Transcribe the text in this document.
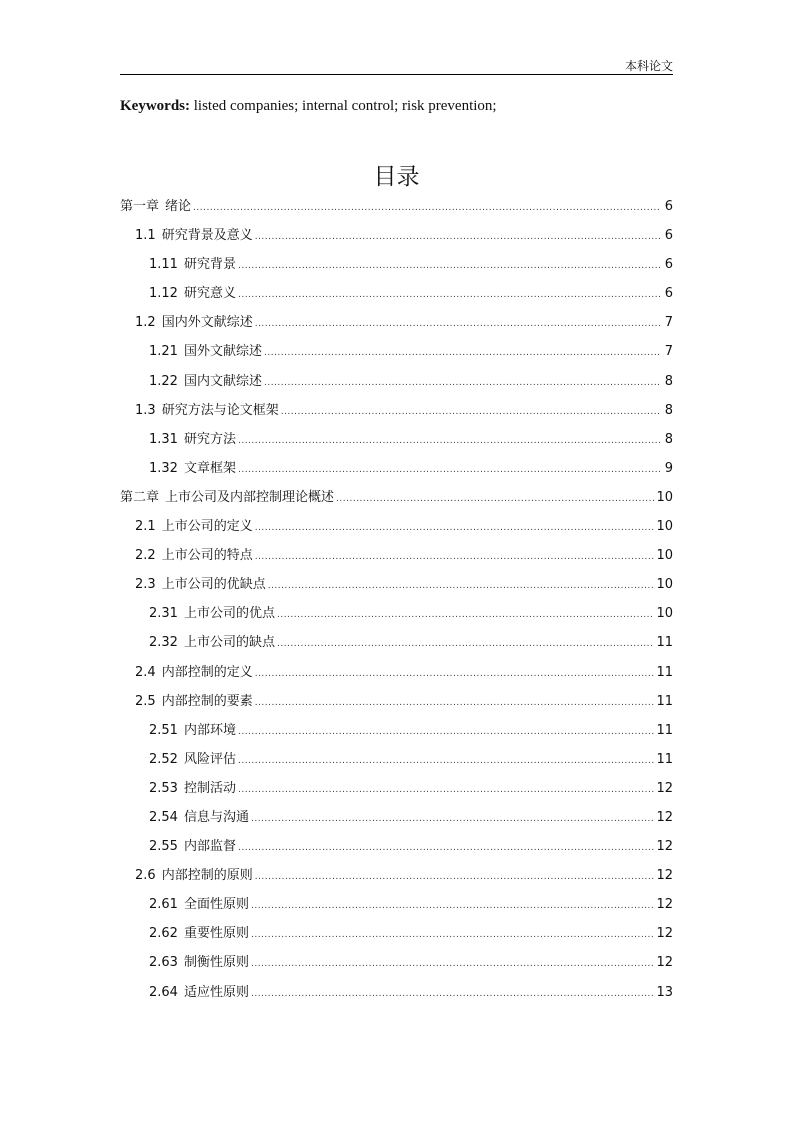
本科论文
Keywords: listed companies; internal control; risk prevention;
目录
第一章 绪论 .....	6
1.1 研究背景及意义 .....	6
1.11 研究背景 .....	6
1.12 研究意义 .....	6
1.2 国内外文献综述 .....	7
1.21 国外文献综述 .....	7
1.22 国内文献综述 .....	8
1.3 研究方法与论文框架 .....	8
1.31 研究方法 .....	8
1.32 文章框架 .....	9
第二章 上市公司及内部控制理论概述 .....	10
2.1 上市公司的定义 .....	10
2.2 上市公司的特点 .....	10
2.3 上市公司的优缺点 .....	10
2.31 上市公司的优点 .....	10
2.32 上市公司的缺点 .....	11
2.4 内部控制的定义 .....	11
2.5 内部控制的要素 .....	11
2.51 内部环境 .....	11
2.52 风险评估 .....	11
2.53 控制活动 .....	12
2.54 信息与沟通 .....	12
2.55 内部监督 .....	12
2.6 内部控制的原则 .....	12
2.61 全面性原则 .....	12
2.62 重要性原则 .....	12
2.63 制衡性原则 .....	12
2.64 适应性原则 .....	13
